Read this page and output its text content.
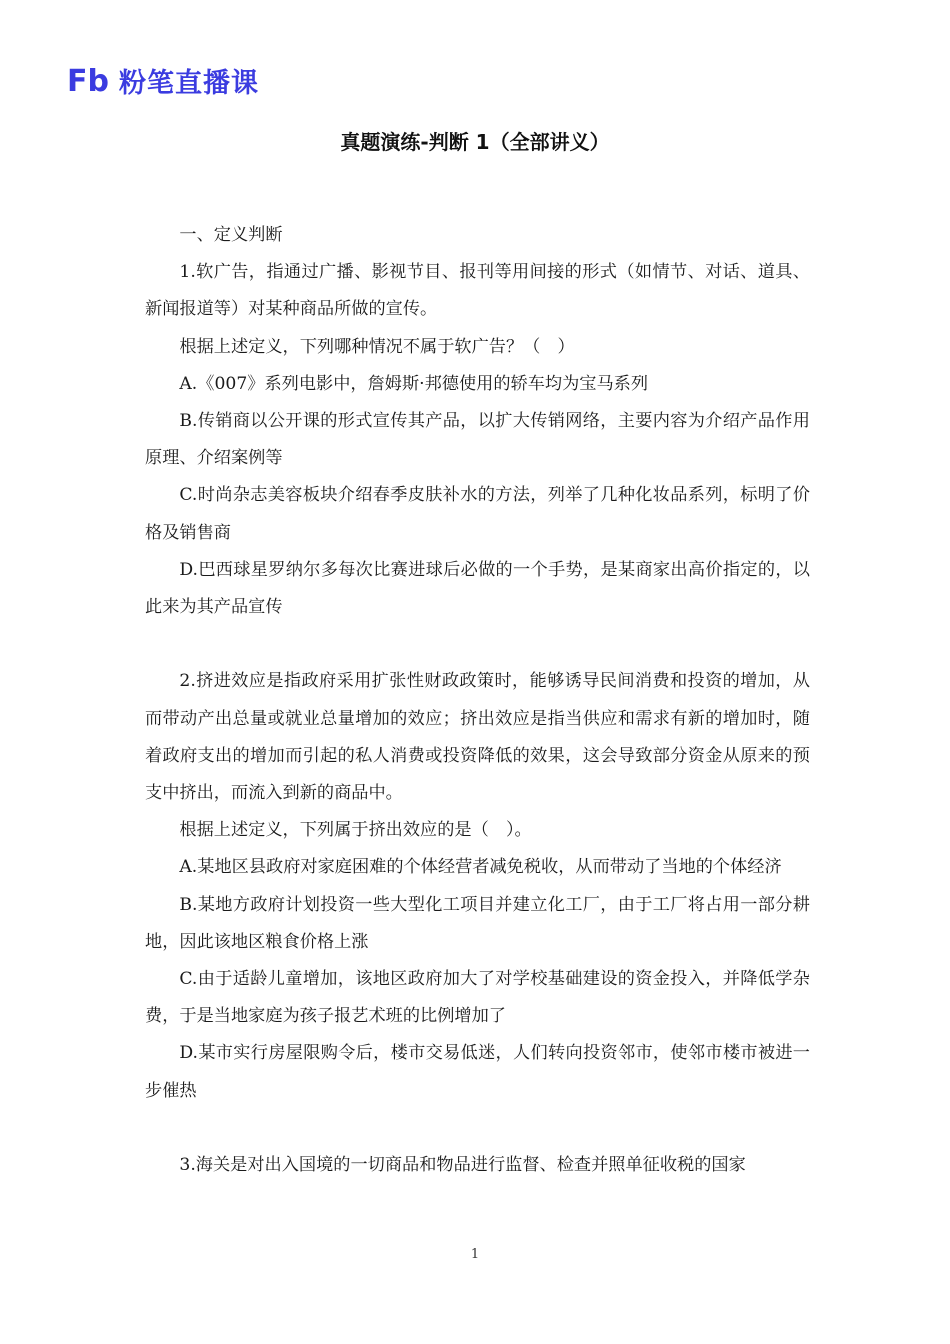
Fb 粉笔直播课
真题演练-判断 1（全部讲义）

一、定义判断

1.软广告，指通过广播、影视节目、报刊等用间接的形式（如情节、对话、道具、新闻报道等）对某种商品所做的宣传。

根据上述定义，下列哪种情况不属于软广告？（　）

A.《007》系列电影中，詹姆斯·邦德使用的轿车均为宝马系列

B.传销商以公开课的形式宣传其产品，以扩大传销网络，主要内容为介绍产品作用原理、介绍案例等

C.时尚杂志美容板块介绍春季皮肤补水的方法，列举了几种化妆品系列，标明了价格及销售商

D.巴西球星罗纳尔多每次比赛进球后必做的一个手势，是某商家出高价指定的，以此来为其产品宣传

2.挤进效应是指政府采用扩张性财政政策时，能够诱导民间消费和投资的增加，从而带动产出总量或就业总量增加的效应；挤出效应是指当供应和需求有新的增加时，随着政府支出的增加而引起的私人消费或投资降低的效果，这会导致部分资金从原来的预支中挤出，而流入到新的商品中。

根据上述定义，下列属于挤出效应的是（　）。

A.某地区县政府对家庭困难的个体经营者减免税收，从而带动了当地的个体经济

B.某地方政府计划投资一些大型化工项目并建立化工厂，由于工厂将占用一部分耕地，因此该地区粮食价格上涨

C.由于适龄儿童增加，该地区政府加大了对学校基础建设的资金投入，并降低学杂费，于是当地家庭为孩子报艺术班的比例增加了

D.某市实行房屋限购令后，楼市交易低迷，人们转向投资邻市，使邻市楼市被进一步催热

3.海关是对出入国境的一切商品和物品进行监督、检查并照单征收税的国家

1
